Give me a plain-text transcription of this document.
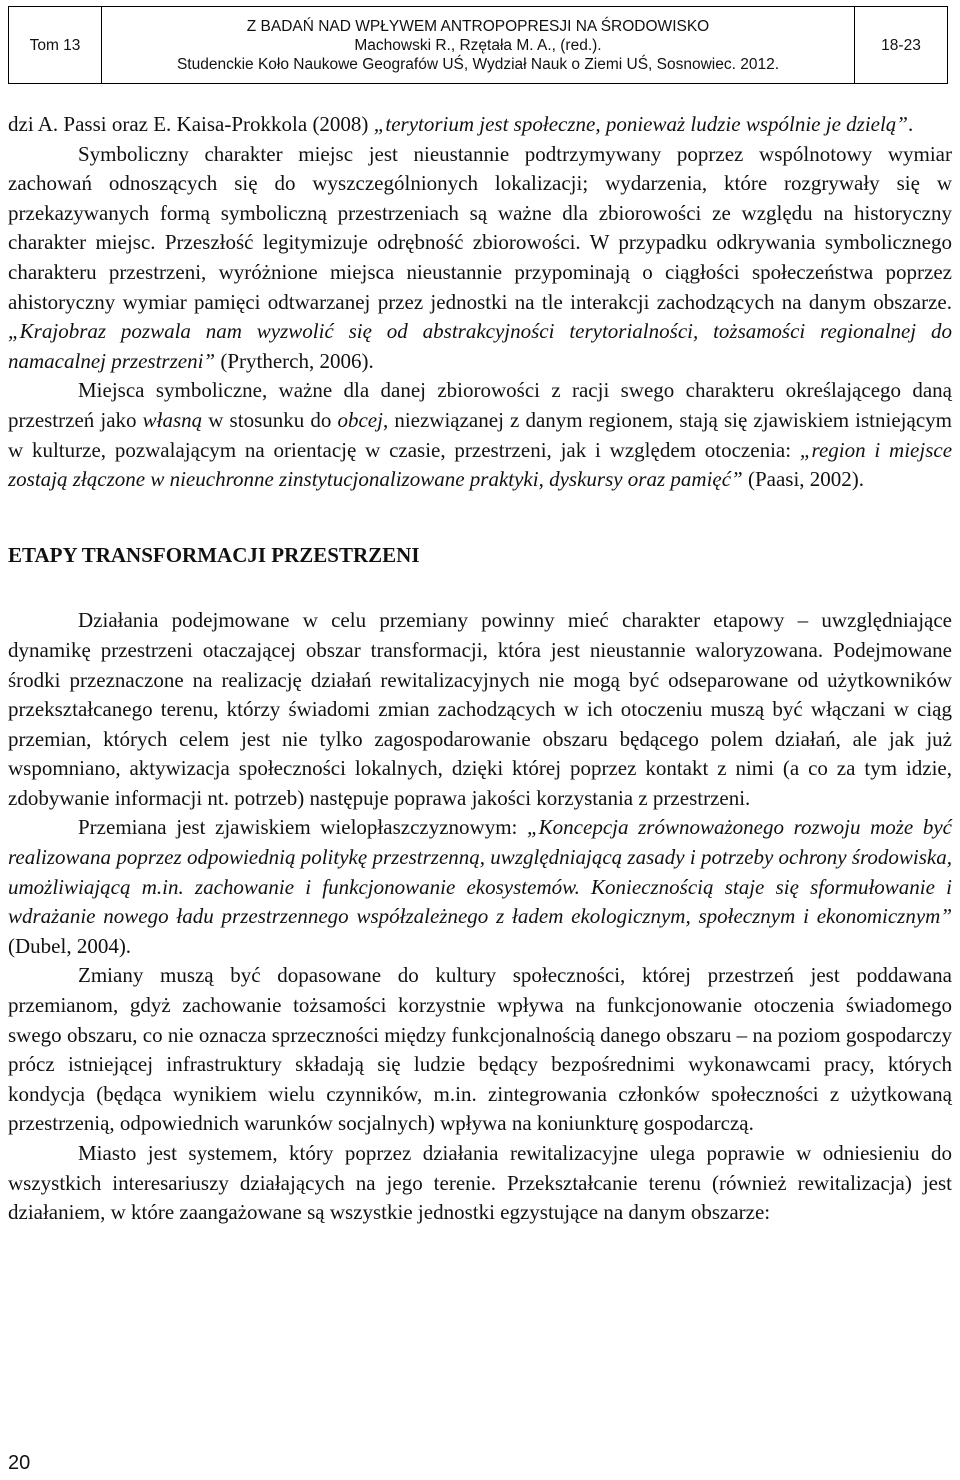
Tom 13
Z BADAŃ NAD WPŁYWEM ANTROPOPRESJI NA ŚRODOWISKO
Machowski R., Rzętała M. A., (red.).
Studenckie Koło Naukowe Geografów UŚ, Wydział Nauk o Ziemi UŚ, Sosnowiec. 2012.
18-23

dzi A. Passi oraz E. Kaisa-Prokkola (2008) „terytorium jest społeczne, ponieważ ludzie wspólnie je dzielą”.

Symboliczny charakter miejsc jest nieustannie podtrzymywany poprzez wspólnotowy wymiar zachowań odnoszących się do wyszczególnionych lokalizacji; wydarzenia, które rozgrywały się w przekazywanych formą symboliczną przestrzeniach są ważne dla zbiorowości ze względu na historyczny charakter miejsc. Przeszłość legitymizuje odrębność zbiorowości. W przypadku odkrywania symbolicznego charakteru przestrzeni, wyróżnione miejsca nieustannie przypominają o ciągłości społeczeństwa poprzez ahistoryczny wymiar pamięci odtwarzanej przez jednostki na tle interakcji zachodzących na danym obszarze. „Krajobraz pozwala nam wyzwolić się od abstrakcyjności terytorialności, tożsamości regionalnej do namacalnej przestrzeni” (Prytherch, 2006).

Miejsca symboliczne, ważne dla danej zbiorowości z racji swego charakteru określającego daną przestrzeń jako własną w stosunku do obcej, niezwiązanej z danym regionem, stają się zjawiskiem istniejącym w kulturze, pozwalającym na orientację w czasie, przestrzeni, jak i względem otoczenia: „region i miejsce zostają złączone w nieuchronne zinstytucjonalizowane praktyki, dyskursy oraz pamięć” (Paasi, 2002).

ETAPY TRANSFORMACJI PRZESTRZENI

Działania podejmowane w celu przemiany powinny mieć charakter etapowy – uwzględniające dynamikę przestrzeni otaczającej obszar transformacji, która jest nieustannie waloryzowana. Podejmowane środki przeznaczone na realizację działań rewitalizacyjnych nie mogą być odseparowane od użytkowników przekształcanego terenu, którzy świadomi zmian zachodzących w ich otoczeniu muszą być włączani w ciąg przemian, których celem jest nie tylko zagospodarowanie obszaru będącego polem działań, ale jak już wspomniano, aktywizacja społeczności lokalnych, dzięki której poprzez kontakt z nimi (a co za tym idzie, zdobywanie informacji nt. potrzeb) następuje poprawa jakości korzystania z przestrzeni.

Przemiana jest zjawiskiem wielopłaszczyznowym: „Koncepcja zrównoważonego rozwoju może być realizowana poprzez odpowiednią politykę przestrzenną, uwzględniającą zasady i potrzeby ochrony środowiska, umożliwiającą m.in. zachowanie i funkcjonowanie ekosystemów. Koniecznością staje się sformułowanie i wdrażanie nowego ładu przestrzennego współzależnego z ładem ekologicznym, społecznym i ekonomicznym” (Dubel, 2004).

Zmiany muszą być dopasowane do kultury społeczności, której przestrzeń jest poddawana przemianom, gdyż zachowanie tożsamości korzystnie wpływa na funkcjonowanie otoczenia świadomego swego obszaru, co nie oznacza sprzeczności między funkcjonalnością danego obszaru – na poziom gospodarczy prócz istniejącej infrastruktury składają się ludzie będący bezpośrednimi wykonawcami pracy, których kondycja (będąca wynikiem wielu czynników, m.in. zintegrowania członków społeczności z użytkowaną przestrzenią, odpowiednich warunków socjalnych) wpływa na koniunkturę gospodarczą.

Miasto jest systemem, który poprzez działania rewitalizacyjne ulega poprawie w odniesieniu do wszystkich interesariuszy działających na jego terenie. Przekształcanie terenu (również rewitalizacja) jest działaniem, w które zaangażowane są wszystkie jednostki egzystujące na danym obszarze:

20
